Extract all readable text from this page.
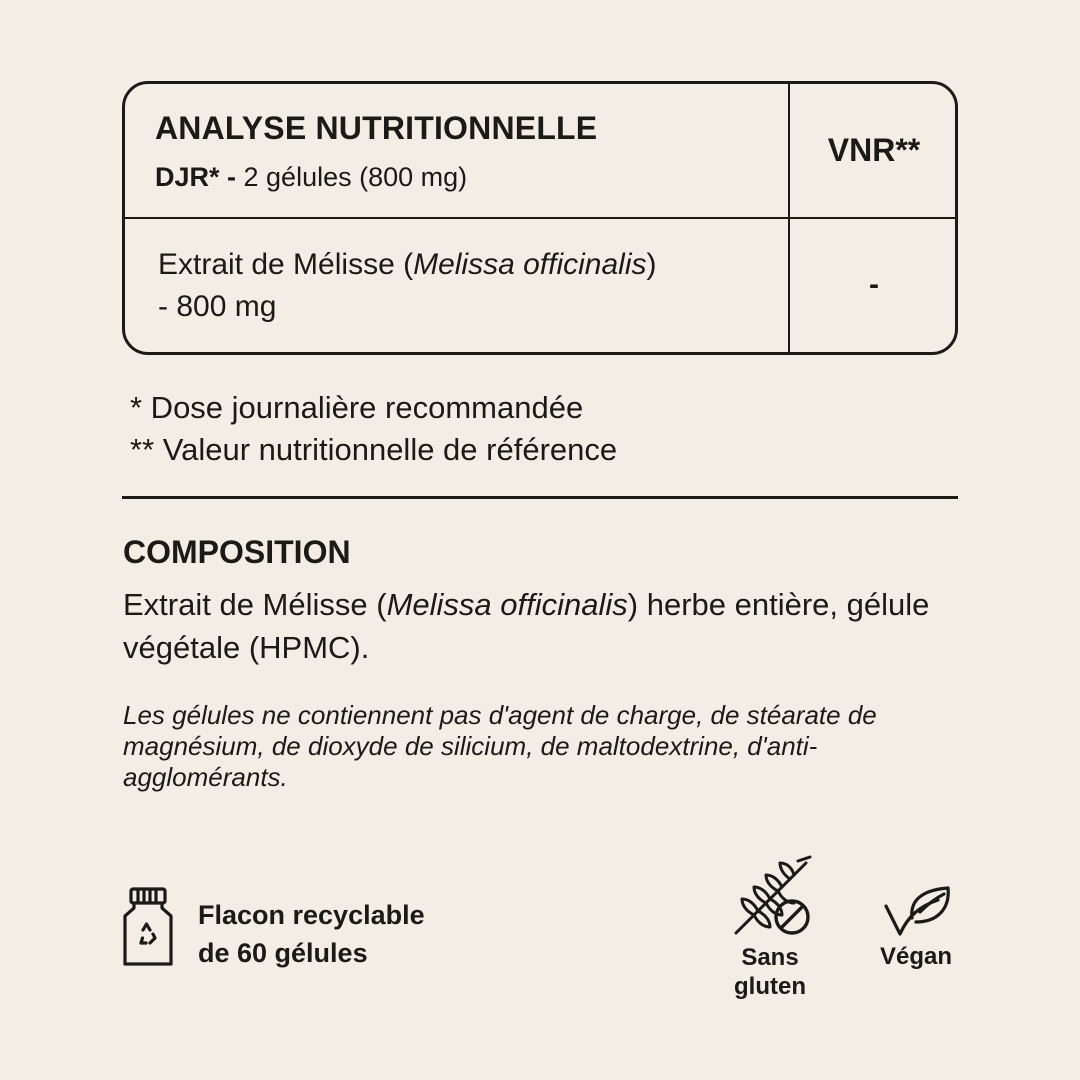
ANALYSE NUTRITIONNELLE
DJR* - 2 gélules (800 mg)
VNR**
Extrait de Mélisse (Melissa officinalis)
- 800 mg
-
* Dose journalière recommandée
** Valeur nutritionnelle de référence
COMPOSITION
Extrait de Mélisse (Melissa officinalis) herbe entière, gélule végétale (HPMC).
Les gélules ne contiennent pas d'agent de charge, de stéarate de magnésium, de dioxyde de silicium, de maltodextrine, d'anti-agglomérants.
Flacon recyclable
de 60 gélules	Sans
gluten
Végan
